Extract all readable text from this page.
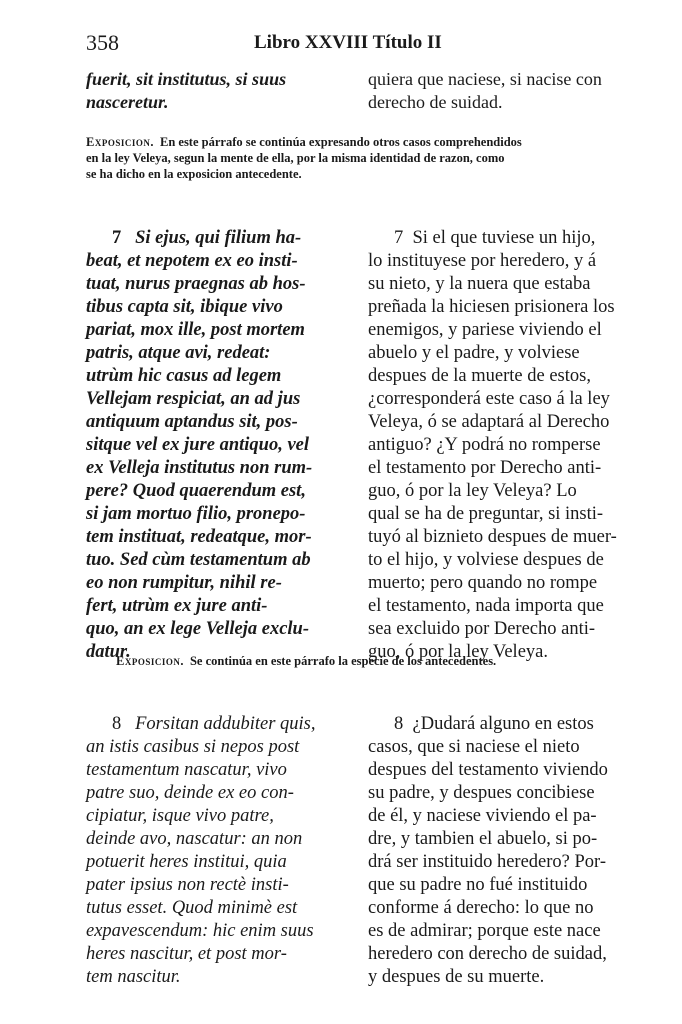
358	Libro XXVIII Título II
fuerit, sit institutus, si suus
nasceretur.
quiera que naciese, si nacise con
derecho de suidad.
Exposicion. En este párrafo se continúa expresando otros casos comprehendidos
en la ley Veleya, segun la mente de ella, por la misma identidad de razon, como
se ha dicho en la exposicion antecedente.

7 Si ejus, qui filium ha-
beat, et nepotem ex eo insti-
tuat, nurus praegnas ab hos-
tibus capta sit, ibique vivo
pariat, mox ille, post mortem
patris, atque avi, redeat:
utrùm hic casus ad legem
Vellejam respiciat, an ad jus
antiquum aptandus sit, pos-
sitque vel ex jure antiquo, vel
ex Velleja institutus non rum-
pere? Quod quaerendum est,
si jam mortuo filio, pronepo-
tem instituat, redeatque, mor-
tuo. Sed cùm testamentum ab
eo non rumpitur, nihil re-
fert, utrùm ex jure anti-
quo, an ex lege Velleja exclu-
datur.

7 Si el que tuviese un hijo,
lo instituyese por heredero, y á
su nieto, y la nuera que estaba
preñada la hiciesen prisionera los
enemigos, y pariese viviendo el
abuelo y el padre, y volviese
despues de la muerte de estos,
¿corresponderá este caso á la ley
Veleya, ó se adaptará al Derecho
antiguo? ¿Y podrá no romperse
el testamento por Derecho anti-
guo, ó por la ley Veleya? Lo
qual se ha de preguntar, si insti-
tuyó al biznieto despues de muer-
to el hijo, y volviese despues de
muerto; pero quando no rompe
el testamento, nada importa que
sea excluido por Derecho anti-
guo, ó por la ley Veleya.

Exposicion. Se continúa en este párrafo la especie de los antecedentes.

8 Forsitan addubiter quis,
an istis casibus si nepos post
testamentum nascatur, vivo
patre suo, deinde ex eo con-
cipiatur, isque vivo patre,
deinde avo, nascatur: an non
potuerit heres institui, quia
pater ipsius non rectè insti-
tutus esset. Quod minimè est
expavescendum: hic enim suus
heres nascitur, et post mor-
tem nascitur.

8 ¿Dudará alguno en estos
casos, que si naciese el nieto
despues del testamento viviendo
su padre, y despues concibiese
de él, y naciese viviendo el pa-
dre, y tambien el abuelo, si po-
drá ser instituido heredero? Por-
que su padre no fué instituido
conforme á derecho: lo que no
es de admirar; porque este nace
heredero con derecho de suidad,
y despues de su muerte.
